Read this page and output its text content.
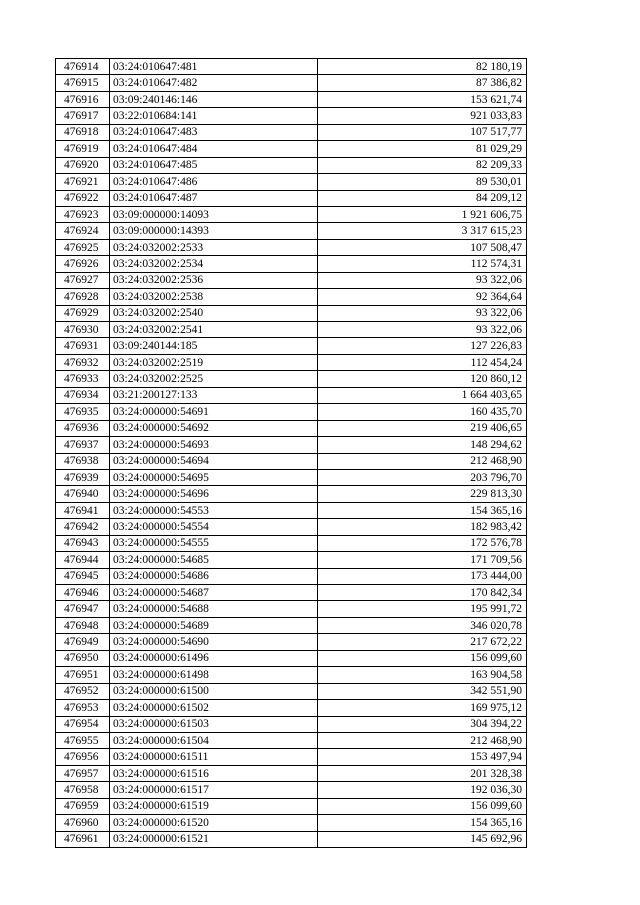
476914	03:24:010647:481	82 180,19
476915	03:24:010647:482	87 386,82
476916	03:09:240146:146	153 621,74
476917	03:22:010684:141	921 033,83
476918	03:24:010647:483	107 517,77
476919	03:24:010647:484	81 029,29
476920	03:24:010647:485	82 209,33
476921	03:24:010647:486	89 530,01
476922	03:24:010647:487	84 209,12
476923	03:09:000000:14093	1 921 606,75
476924	03:09:000000:14393	3 317 615,23
476925	03:24:032002:2533	107 508,47
476926	03:24:032002:2534	112 574,31
476927	03:24:032002:2536	93 322,06
476928	03:24:032002:2538	92 364,64
476929	03:24:032002:2540	93 322,06
476930	03:24:032002:2541	93 322,06
476931	03:09:240144:185	127 226,83
476932	03:24:032002:2519	112 454,24
476933	03:24:032002:2525	120 860,12
476934	03:21:200127:133	1 664 403,65
476935	03:24:000000:54691	160 435,70
476936	03:24:000000:54692	219 406,65
476937	03:24:000000:54693	148 294,62
476938	03:24:000000:54694	212 468,90
476939	03:24:000000:54695	203 796,70
476940	03:24:000000:54696	229 813,30
476941	03:24:000000:54553	154 365,16
476942	03:24:000000:54554	182 983,42
476943	03:24:000000:54555	172 576,78
476944	03:24:000000:54685	171 709,56
476945	03:24:000000:54686	173 444,00
476946	03:24:000000:54687	170 842,34
476947	03:24:000000:54688	195 991,72
476948	03:24:000000:54689	346 020,78
476949	03:24:000000:54690	217 672,22
476950	03:24:000000:61496	156 099,60
476951	03:24:000000:61498	163 904,58
476952	03:24:000000:61500	342 551,90
476953	03:24:000000:61502	169 975,12
476954	03:24:000000:61503	304 394,22
476955	03:24:000000:61504	212 468,90
476956	03:24:000000:61511	153 497,94
476957	03:24:000000:61516	201 328,38
476958	03:24:000000:61517	192 036,30
476959	03:24:000000:61519	156 099,60
476960	03:24:000000:61520	154 365,16
476961	03:24:000000:61521	145 692,96
